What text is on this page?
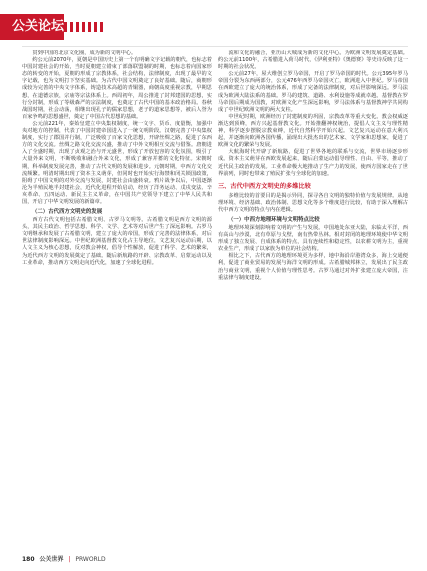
公关论坛

贯到中国的北京文化圈，成为新的文明中心。

约公元前2070年，夏朝是中国历史上第一个有明确文字记载的朝代，也标志着中国封建社会的开始，当时夏朝建立错束了部落联盟制的时期，也标志着向国家形态的转变的开始，夏朝的形成了宗教体系，社会结构，法律制度，出现了最早的文字记载，也为文明打下坚实基础。为古代中国文明奠定了良好基础。随后，商朝形成较为完善的中央文字体系，铸造技术高超的青铜器，商朝高度重视宗教，早期思想，在道德宗族，宗庙等宗法体系上。西周初年，周公推进了封邦建国的思想，实行分封制，形成了等级森严的宗法制度，也奠定了古代中国的基本政治格局。春秋战国时期，社会动荡，相继出现孔子的儒家思想，老子的道家思想等，被后人誉为百家争鸣的思想盛世，奠定了中国古代思想的基础。

公元前221年，秦始皇建立中央集权制度，统一文字、货币、度量衡，加强中央对地方的控制，代表了中国封建帝国进入了一统文明阶段。汉朝完善了中央集权制度，实行了郡国并行制，广泛吸收了百家文化思想，开辟丝绸之路，促进了东西方的文化交流。丝绸之路文化交流兴盛，推动了中外文明相互交流与借鉴。唐朝进入了全盛时期，出现了贞观之治与开元盛世，形成了开放包容的文化氛围，吸引了大量外来文明，不断吸收和融合外来文化，形成了兼容并蓄的文化特征。宋朝时期，科举制度发展完善，推动了古代文明的发展和进步。元朝时期，中西方文化交流频繁。明清时期出现了资本主义萌芽，但同时也开始实行海禁和闭关锁国政策，阻碍了中国文明的对外交流与发展，封建社会由盛转衰。鸦片战争以后，中国逐渐沦为半殖民地半封建社会，近代化进程开始启动，经历了洋务运动、戊戌变法、辛亥革命、五四运动、新民主主义革命，在中国共产党领导下建立了中华人民共和国，开启了中华文明发展的新篇章。

（二）古代西方文明史的发展

西方古代文明包括古希腊文明、古罗马文明等。古希腊文明是西方文明的源头，其民主政治、哲学思想、科学、文学、艺术等对后世产生了深远影响。古罗马文明继承和发展了古希腊文明，建立了庞大的帝国，形成了完善的法律体系，对后世法律制度影响深远。中世纪欧洲基督教文化占主导地位，文艺复兴运动后期，以人文主义为核心思想，反对教会神权，倡导个性解放，促进了科学、艺术的繁荣，为近代西方文明的发展奠定了基础。随后新航路的开辟、宗教改革、启蒙运动以及工业革命，推动西方文明走向近代化，加速了全球化进程。

流和文化的融合，亚历山大城成为新的文化中心。为欧洲文明发展奠定基础。约公元前1100年，古希腊进入荷马时代，《伊利亚特》《奥德赛》等史诗反映了这一时期的社会状况。

公元前27年，屋大维创立罗马帝国，开启了罗马帝国的时代。公元395年罗马帝国分裂为东西两部分，公元476年西罗马帝国灭亡，欧洲进入中世纪。罗马帝国在西欧建立了庞大的统治体系，形成了完备的法律制度，对后世影响深远。罗马法成为欧洲大陆法系的基础。罗马的建筑、道路、水利设施等成就卓越。基督教在罗马帝国后期成为国教，对欧洲文化产生深远影响，罗马法体系与基督教神学共同构成了中世纪欧洲文明的两大支柱。

中世纪时期，欧洲经历了封建制度的巩固，宗教改革等重大变化。教会权威逐渐达到顶峰，西方兴起基督教文化。开始推翻神权统治，提倡人文主义与理性精神，科学逐步摆脱宗教束缚，近代自然科学开始兴起。文艺复兴运动在意大利兴起，并逐渐向欧洲各国传播，涌现出大批杰出的艺术家、文学家和思想家，促进了欧洲文化的繁荣与发展。

大航海时代开辟了新航路，促进了世界各地的联系与交流，世界市场逐步形成。资本主义萌芽在西欧发展起来，随后启蒙运动倡导理性、自由、平等，推动了近代民主政治的发展。工业革命极大地推动了生产力的发展，使西方国家走在了世界前列，同时也带来了殖民扩张与全球化的加速。

三、古代中西方文明史的多维比较

多维比较的首要目的是揭示异同，探寻各自文明的独特价值与发展规律。从地理环境、经济基础、政治体制、思想文化等多个维度进行比较，有助于深入理解古代中西方文明的特点与内在逻辑。

（一）中西方地理环境与文明特点比较

地理环境深刻影响着文明的产生与发展。中国地处东亚大陆，东临太平洋，西有高山与沙漠，北有草原与戈壁，南有热带丛林。相对封闭的地理环境使中华文明形成了独立发展、自成体系的特点，具有连续性和稳定性，以农耕文明为主，重视农业生产，形成了以家族为单位的社会结构。

相比之下，古代西方的地理环境更为多样，地中海沿岸港湾众多，海上交通便利，促进了商业贸易的发展与海洋文明的形成。古希腊城邦林立，发展出了民主政治与商业文明，重视个人价值与理性思考。古罗马通过对外扩张建立庞大帝国，注重法律与制度建设。

180 公关世界 | PRWORLD
